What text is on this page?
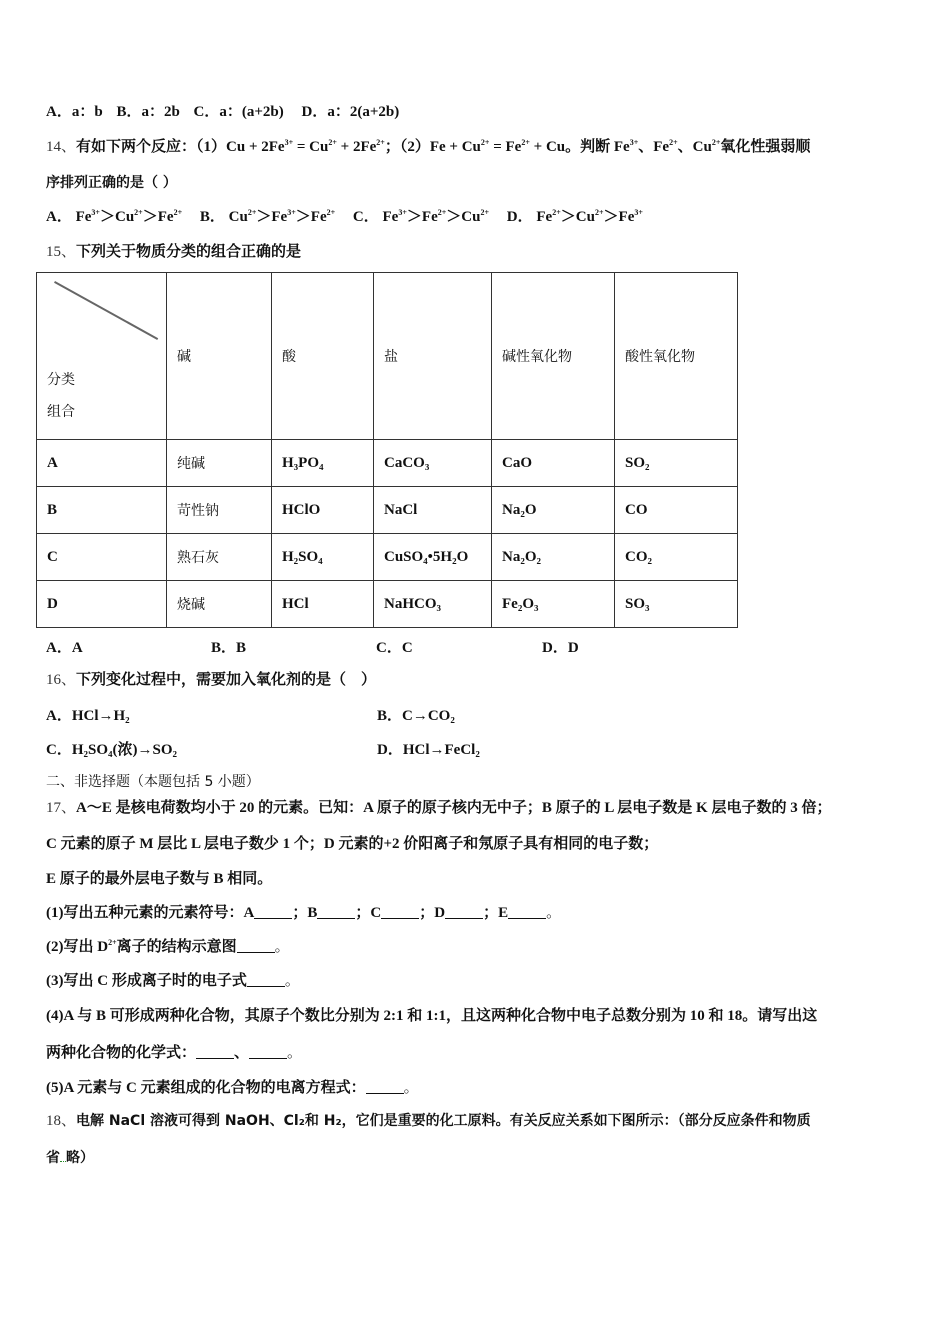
A．a：b B．a：2b C．a：(a+2b) D．a：2(a+2b)
14、有如下两个反应：$(1)Cu + 2Fe^{3+} = Cu^{2+} + 2Fe^{2+}$；$(2)Fe + Cu^{2+} = Fe^{2+} + Cu$。判断 $Fe^{3+}$、$Fe^{2+}$、$Cu^{2+}$氧化性强弱顺
序排列正确的是（ ）
A． $Fe^{3+}>Cu^{2+}>Fe^{2+}$ B． $Cu^{2+}>Fe^{3+}>Fe^{2+}$ C． $Fe^{3+}>Fe^{2+}>Cu^{2+}$ D． $Fe^{2+}>Cu^{2+}>Fe^{3+}$
15、下列关于物质分类的组合正确的是
分类
组合	碱	酸	盐	碱性氧化物	酸性氧化物
A	纯碱	H₃PO₄	CaCO₃	CaO	SO₂
B	苛性钠	HClO	NaCl	Na₂O	CO
C	熟石灰	H₂SO₄	CuSO₄•5H₂O	Na₂O₂	CO₂
D	烧碱	HCl	NaHCO₃	Fe₂O₃	SO₃
A．A	B．B	C．C	D．D
16、下列变化过程中，需要加入氧化剂的是（　）
A．HCl→H₂	B．C→CO₂
C．H₂SO₄(浓)→SO₂	D．HCl→FeCl₂
二、非选择题（本题包括 5 小题）
17、A～E 是核电荷数均小于 20 的元素。已知：A 原子的原子核内无中子；B 原子的 L 层电子数是 K 层电子数的 3 倍；
C 元素的原子 M 层比 L 层电子数少 1 个；D 元素的+2 价阳离子和氖原子具有相同的电子数；
E 原子的最外层电子数与 B 相同。
(1)写出五种元素的元素符号：A	；B	；C	；D	；E	。
(2)写出 $D^{2+}$离子的结构示意图	。
(3)写出 C 形成离子时的电子式	。
(4)A 与 B 可形成两种化合物，其原子个数比分别为 2:1 和 1:1，且这两种化合物中电子总数分别为 10 和 18。请写出这
两种化合物的化学式：	、	。
(5)A 元素与 C 元素组成的化合物的电离方程式：	。
18、电解 NaCl 溶液可得到 NaOH、Cl₂和 H₂，它们是重要的化工原料。有关反应关系如下图所示：（部分反应条件和物质
省 略）
